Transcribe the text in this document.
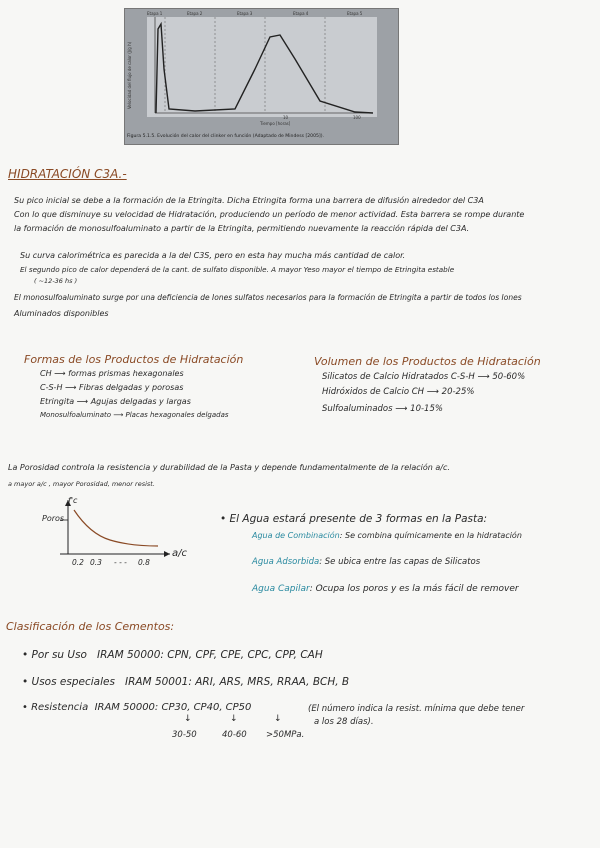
Etapa 1	Etapa 2	Etapa 3	Etapa 4	Etapa 5
Velocidad del flujo de calor (J/g h)
Tiempo [horas]
10	100
Figura 5.1.5. Evolución del calor del clinker en función (Adaptado de Mindess [2005]).
HIDRATACIÓN C3A.-
Su pico inicial se debe a la formación de la Etringita. Dicha Etringita forma una barrera de difusión alrededor del C3A
Con lo que disminuye su velocidad de Hidratación, produciendo un período de menor actividad. Esta barrera se rompe durante
la formación de monosulfoaluminato a partir de la Etringita, permitiendo nuevamente la reacción rápida del C3A.
Su curva calorimétrica es parecida a la del C3S, pero en esta hay mucha más cantidad de calor.
El segundo pico de calor dependerá de la cant. de sulfato disponible. A mayor Yeso mayor el tiempo de Etringita estable
( ~12-36 hs )
El monosulfoaluminato surge por una deficiencia de Iones sulfatos necesarios para la formación de Etringita a partir de todos los Iones
Aluminados disponibles
Formas de los Productos de Hidratación
CH ⟶ formas prismas hexagonales
C-S-H ⟶ Fibras delgadas y porosas
Etringita ⟶ Agujas delgadas y largas
Monosulfoaluminato ⟶ Placas hexagonales delgadas
Volumen de los Productos de Hidratación
Silicatos de Calcio Hidratados C-S-H ⟶ 50-60%
Hidróxidos de Calcio CH ⟶ 20-25%
Sulfoaluminados ⟶ 10-15%
La Porosidad controla la resistencia y durabilidad de la Pasta y depende fundamentalmente de la relación a/c.
a mayor a/c , mayor Porosidad, menor resist.
f'c
Poros
a/c
0.2 0.3 - - - 0.8
• El Agua estará presente de 3 formas en la Pasta:
Agua de Combinación: Se combina químicamente en la hidratación
Agua Adsorbida: Se ubica entre las capas de Silicatos
Agua Capilar: Ocupa los poros y es la más fácil de remover
Clasificación de los Cementos:
• Por su Uso IRAM 50000: CPN, CPF, CPE, CPC, CPP, CAH
• Usos especiales IRAM 50001: ARI, ARS, MRS, RRAA, BCH, B
• Resistencia IRAM 50000: CP30, CP40, CP50	(El número indica la resist. mínima que debe tener
a los 28 días).
↓	↓	↓
30-50	40-60 >50MPa.
